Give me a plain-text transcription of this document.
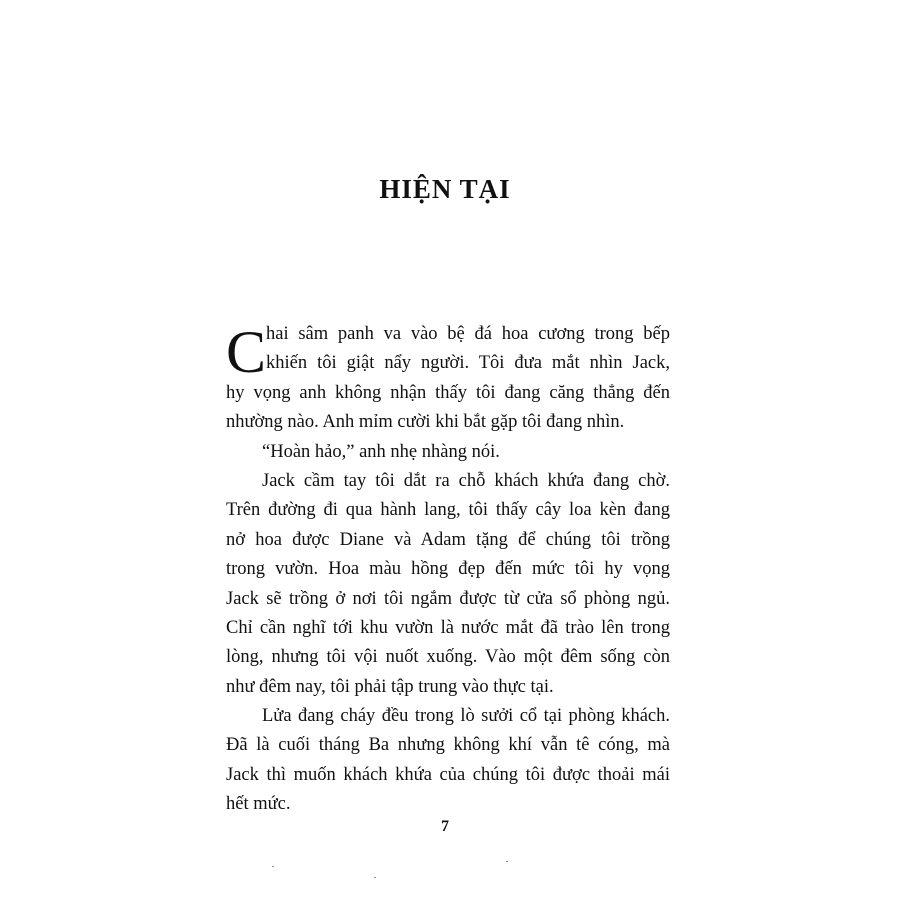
HIỆN TẠI
C hai sâm panh va vào bệ đá hoa cương trong bếp
khiến tôi giật nẩy người. Tôi đưa mắt nhìn Jack,
hy vọng anh không nhận thấy tôi đang căng thẳng đến
nhường nào. Anh mỉm cười khi bắt gặp tôi đang nhìn.
“Hoàn hảo,” anh nhẹ nhàng nói.
Jack cầm tay tôi dắt ra chỗ khách khứa đang chờ.
Trên đường đi qua hành lang, tôi thấy cây loa kèn đang
nở hoa được Diane và Adam tặng để chúng tôi trồng
trong vườn. Hoa màu hồng đẹp đến mức tôi hy vọng
Jack sẽ trồng ở nơi tôi ngắm được từ cửa sổ phòng ngủ.
Chỉ cần nghĩ tới khu vườn là nước mắt đã trào lên trong
lòng, nhưng tôi vội nuốt xuống. Vào một đêm sống còn
như đêm nay, tôi phải tập trung vào thực tại.
Lửa đang cháy đều trong lò sưởi cổ tại phòng khách.
Đã là cuối tháng Ba nhưng không khí vẫn tê cóng, mà
Jack thì muốn khách khứa của chúng tôi được thoải mái
hết mức.
7
